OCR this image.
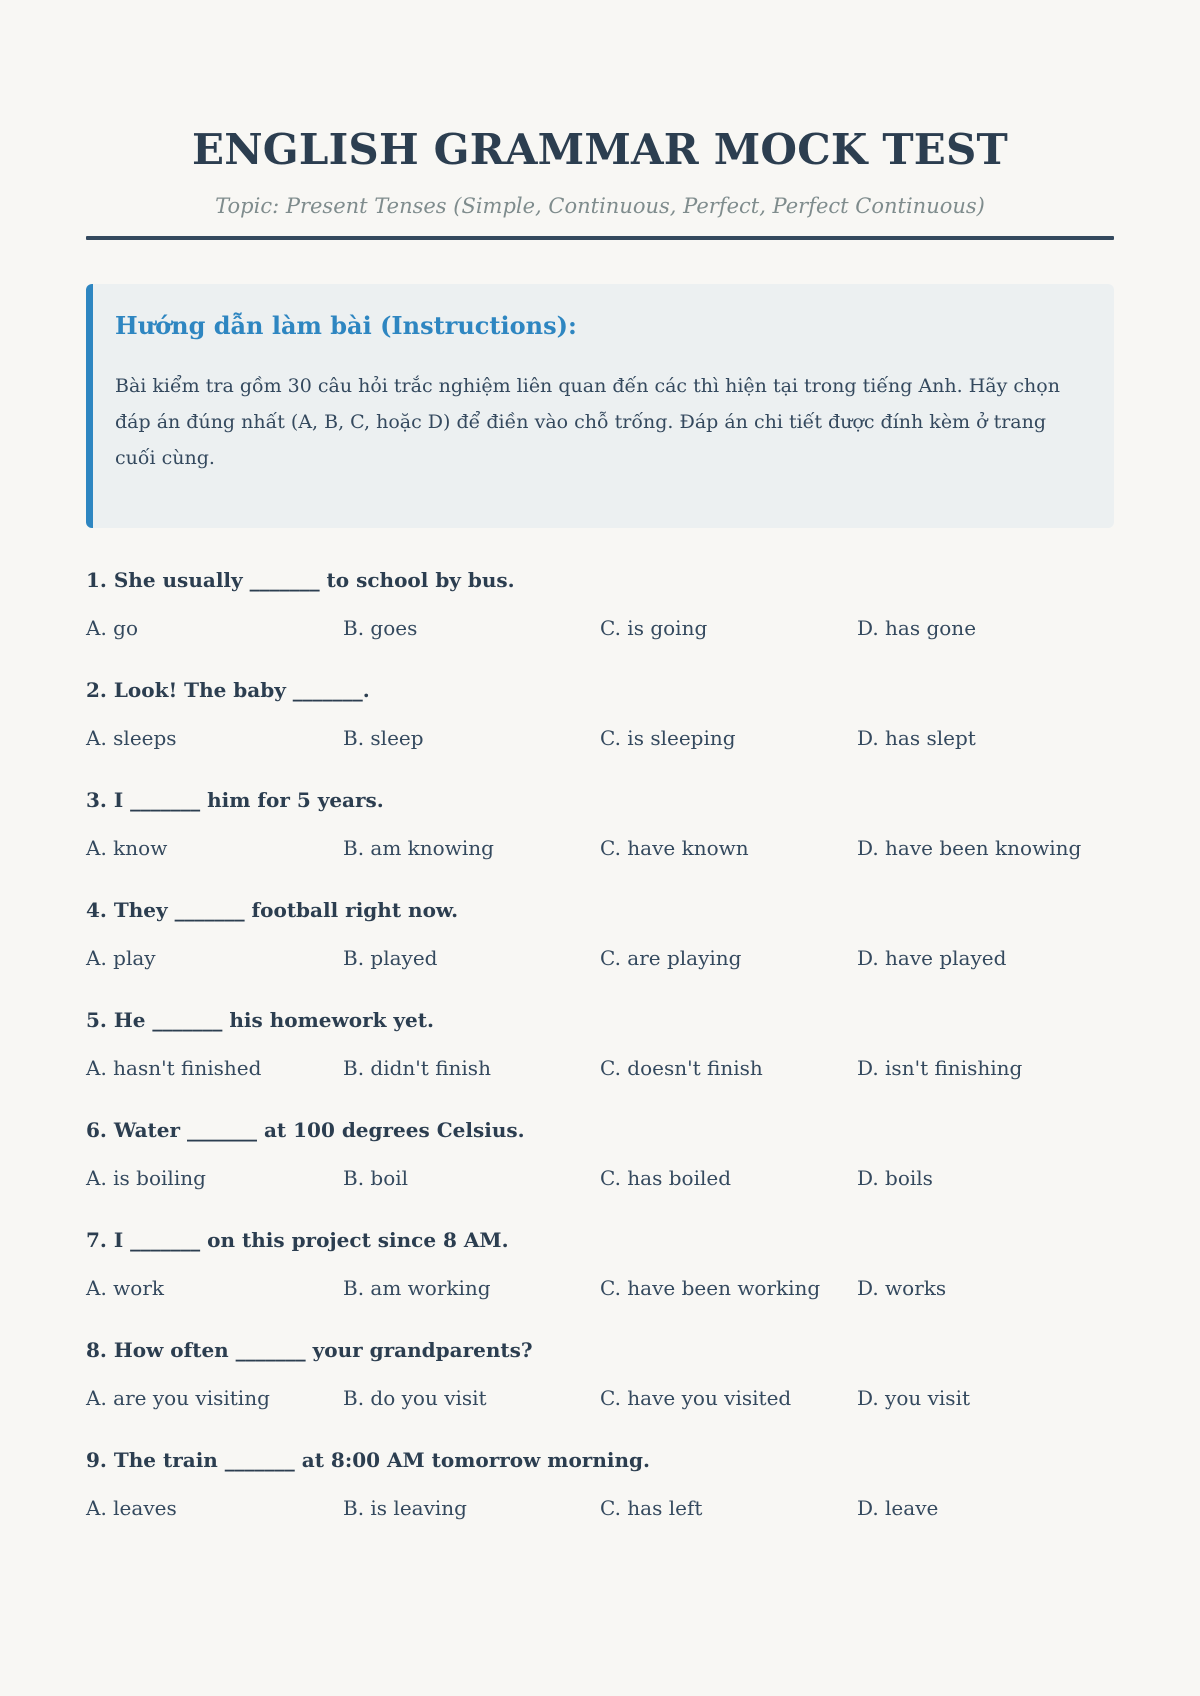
ENGLISH GRAMMAR MOCK TEST
Topic: Present Tenses (Simple, Continuous, Perfect, Perfect Continuous)
Hướng dẫn làm bài (Instructions):

Bài kiểm tra gồm 30 câu hỏi trắc nghiệm liên quan đến các thì hiện tại trong tiếng Anh. Hãy chọn đáp án đúng nhất (A, B, C, hoặc D) để điền vào chỗ trống. Đáp án chi tiết được đính kèm ở trang cuối cùng.

1. She usually _______ to school by bus.
A. go	B. goes	C. is going	D. has gone
2. Look! The baby _______.
A. sleeps	B. sleep	C. is sleeping	D. has slept
3. I _______ him for 5 years.
A. know	B. am knowing	C. have known	D. have been knowing
4. They _______ football right now.
A. play	B. played	C. are playing	D. have played
5. He _______ his homework yet.
A. hasn't finished	B. didn't finish	C. doesn't finish	D. isn't finishing
6. Water _______ at 100 degrees Celsius.
A. is boiling	B. boil	C. has boiled	D. boils
7. I _______ on this project since 8 AM.
A. work	B. am working	C. have been working	D. works
8. How often _______ your grandparents?
A. are you visiting	B. do you visit	C. have you visited	D. you visit
9. The train _______ at 8:00 AM tomorrow morning.
A. leaves	B. is leaving	C. has left	D. leave
